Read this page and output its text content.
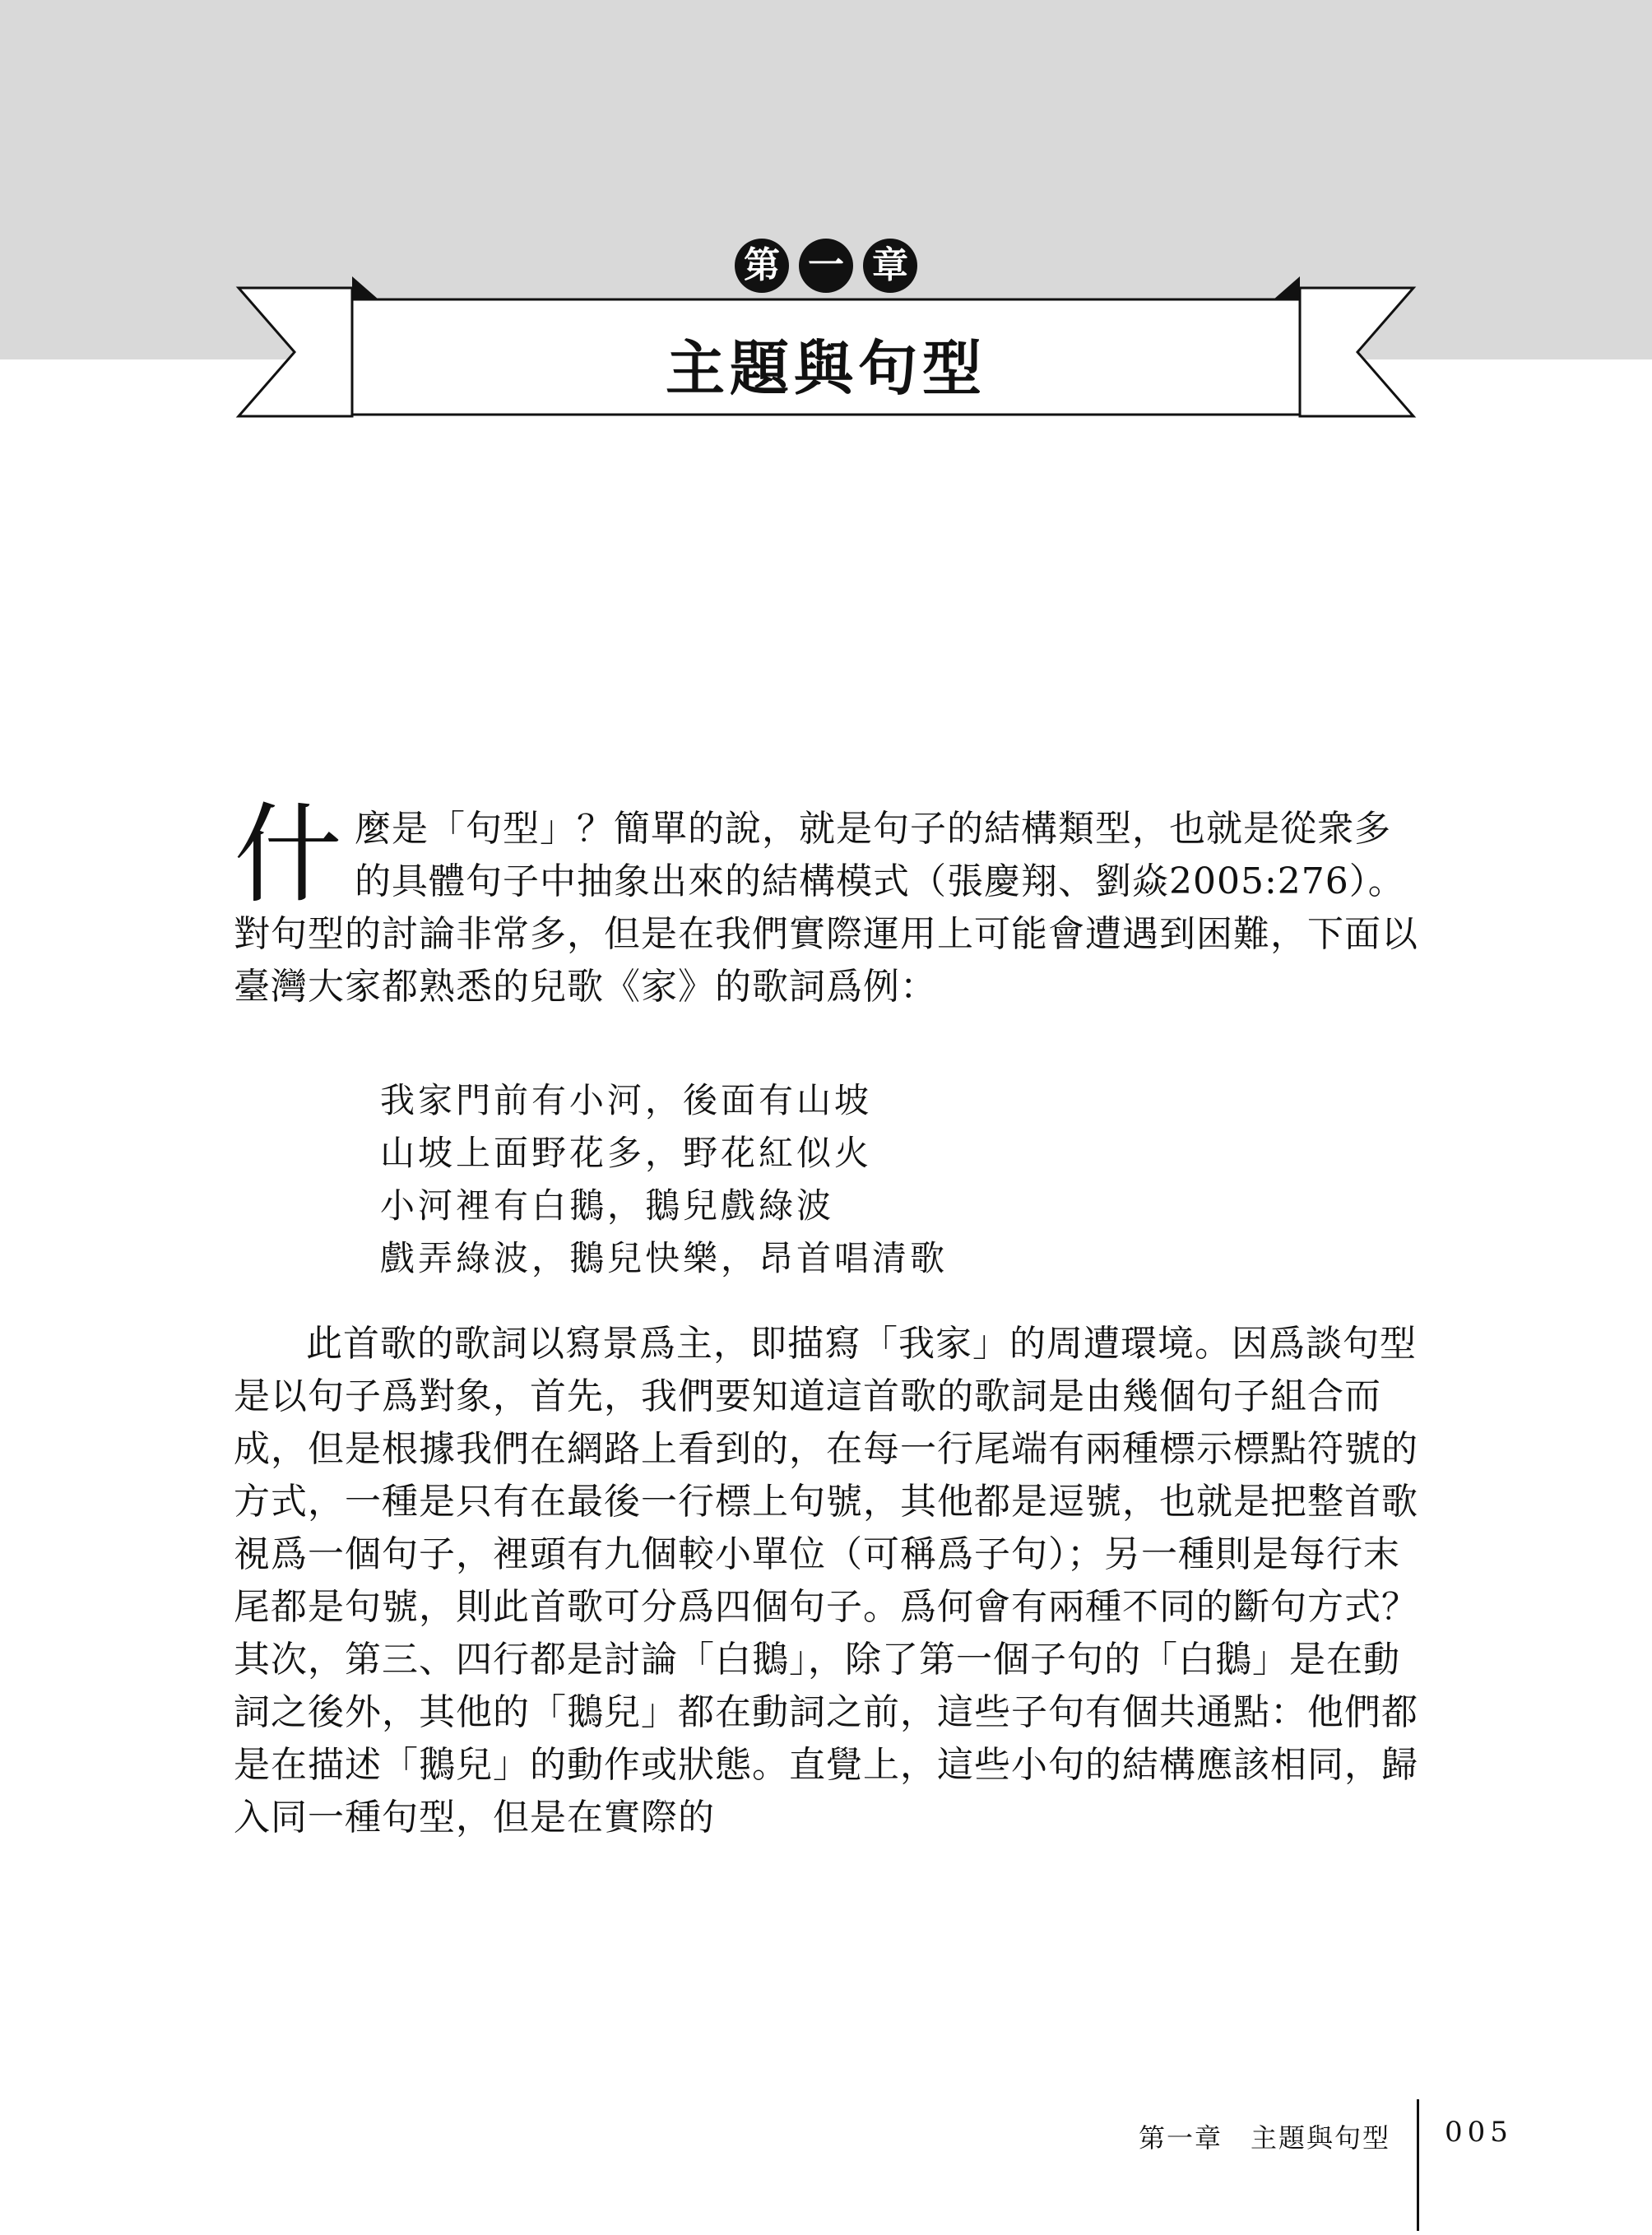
第 一 章
主題與句型
什 麼是「句型」？簡單的說，就是句子的結構類型，也就是從衆多的具體句子中抽象出來的結構模式（張慶翔、劉焱2005:276）。對句型的討論非常多，但是在我們實際運用上可能會遭遇到困難，下面以臺灣大家都熟悉的兒歌《家》的歌詞爲例：
我家門前有小河，後面有山坡
山坡上面野花多，野花紅似火
小河裡有白鵝，鵝兒戲綠波
戲弄綠波，鵝兒快樂，昂首唱清歌
此首歌的歌詞以寫景爲主，即描寫「我家」的周遭環境。因爲談句型是以句子爲對象，首先，我們要知道這首歌的歌詞是由幾個句子組合而成，但是根據我們在網路上看到的，在每一行尾端有兩種標示標點符號的方式，一種是只有在最後一行標上句號，其他都是逗號，也就是把整首歌視爲一個句子，裡頭有九個較小單位（可稱爲子句）；另一種則是每行末尾都是句號，則此首歌可分爲四個句子。爲何會有兩種不同的斷句方式？其次，第三、四行都是討論「白鵝」，除了第一個子句的「白鵝」是在動詞之後外，其他的「鵝兒」都在動詞之前，這些子句有個共通點：他們都是在描述「鵝兒」的動作或狀態。直覺上，這些小句的結構應該相同，歸入同一種句型，但是在實際的
第一章　主題與句型 005
